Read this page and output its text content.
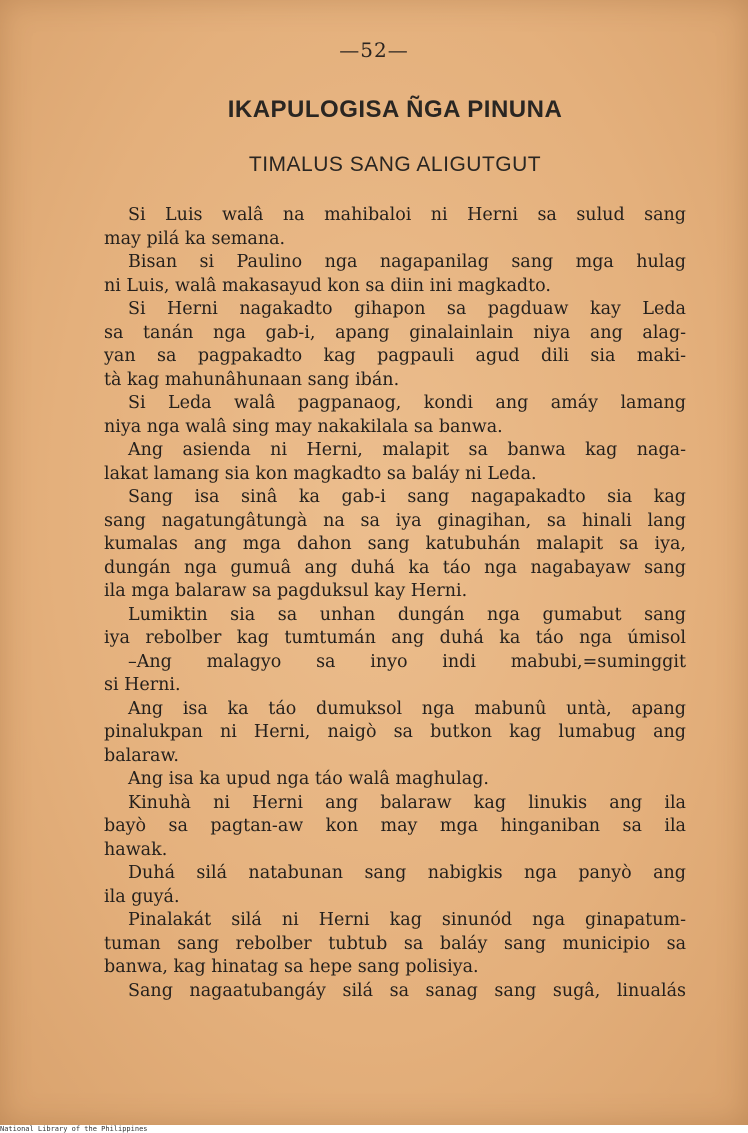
—52—
IKAPULOGISA ÑGA PINUNA
TIMALUS SANG ALIGUTGUT
Si Luis walâ na mahibaloi ni Herni sa sulud sang
may pilá ka semana.
Bisan si Paulino nga nagapanilag sang mga hulag
ni Luis, walâ makasayud kon sa diin ini magkadto.
Si Herni nagakadto gihapon sa pagduaw kay Leda
sa tanán nga gab-i, apang ginalainlain niya ang alag-
yan sa pagpakadto kag pagpauli agud dili sia maki-
tà kag mahunâhunaan sang ibán.
Si Leda walâ pagpanaog, kondi ang amáy lamang
niya nga walâ sing may nakakilala sa banwa.
Ang asienda ni Herni, malapit sa banwa kag naga-
lakat lamang sia kon magkadto sa baláy ni Leda.
Sang isa sinâ ka gab-i sang nagapakadto sia kag
sang nagatungâtungà na sa iya ginagihan, sa hinali lang
kumalas ang mga dahon sang katubuhán malapit sa iya,
dungán nga gumuâ ang duhá ka táo nga nagabayaw sang
ila mga balaraw sa pagduksul kay Herni.
Lumiktin sia sa unhan dungán nga gumabut sang
iya rebolber kag tumtumán ang duhá ka táo nga úmisol
–Ang malagyo sa inyo indi mabubi,=suminggit
si Herni.
Ang isa ka táo dumuksol nga mabunû untà, apang
pinalukpan ni Herni, naigò sa butkon kag lumabug ang
balaraw.
Ang isa ka upud nga táo walâ maghulag.
Kinuhà ni Herni ang balaraw kag linukis ang ila
bayò sa pagtan-aw kon may mga hinganiban sa ila
hawak.
Duhá silá natabunan sang nabigkis nga panyò ang
ila guyá.
Pinalakát silá ni Herni kag sinunód nga ginapatum-
tuman sang rebolber tubtub sa baláy sang municipio sa
banwa, kag hinatag sa hepe sang polisiya.
Sang nagaatubangáy silá sa sanag sang sugâ, linualás
National Library of the Philippines
